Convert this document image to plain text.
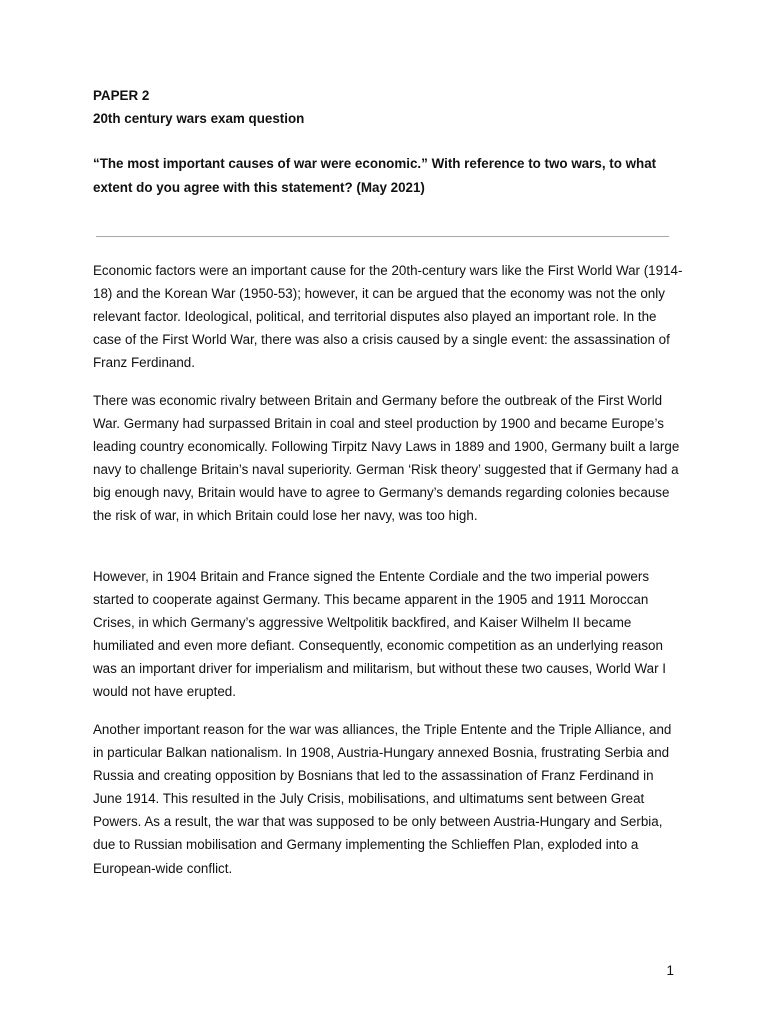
PAPER 2

20th century wars exam question

“The most important causes of war were economic.” With reference to two wars, to what extent do you agree with this statement? (May 2021)

Economic factors were an important cause for the 20th-century wars like the First World War (1914-18) and the Korean War (1950-53); however, it can be argued that the economy was not the only relevant factor. Ideological, political, and territorial disputes also played an important role. In the case of the First World War, there was also a crisis caused by a single event: the assassination of Franz Ferdinand.

There was economic rivalry between Britain and Germany before the outbreak of the First World War. Germany had surpassed Britain in coal and steel production by 1900 and became Europe’s leading country economically. Following Tirpitz Navy Laws in 1889 and 1900, Germany built a large navy to challenge Britain’s naval superiority. German ‘Risk theory’ suggested that if Germany had a big enough navy, Britain would have to agree to Germany’s demands regarding colonies because the risk of war, in which Britain could lose her navy, was too high.

However, in 1904 Britain and France signed the Entente Cordiale and the two imperial powers started to cooperate against Germany. This became apparent in the 1905 and 1911 Moroccan Crises, in which Germany’s aggressive Weltpolitik backfired, and Kaiser Wilhelm II became humiliated and even more defiant. Consequently, economic competition as an underlying reason was an important driver for imperialism and militarism, but without these two causes, World War I would not have erupted.

Another important reason for the war was alliances, the Triple Entente and the Triple Alliance, and in particular Balkan nationalism. In 1908, Austria-Hungary annexed Bosnia, frustrating Serbia and Russia and creating opposition by Bosnians that led to the assassination of Franz Ferdinand in June 1914. This resulted in the July Crisis, mobilisations, and ultimatums sent between Great Powers. As a result, the war that was supposed to be only between Austria-Hungary and Serbia, due to Russian mobilisation and Germany implementing the Schlieffen Plan, exploded into a European-wide conflict.

1
